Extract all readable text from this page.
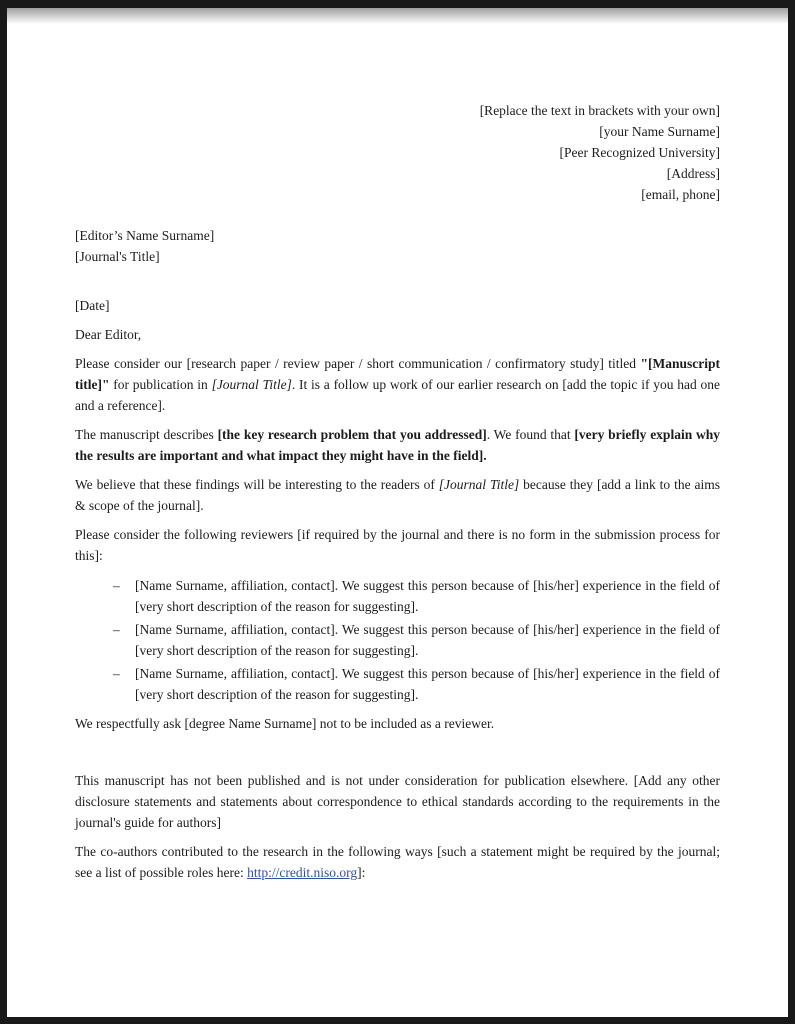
[Replace the text in brackets with your own]
[your Name Surname]
[Peer Recognized University]
[Address]
[email, phone]
[Editor’s Name Surname]
[Journal's Title]

[Date]

Dear Editor,

Please consider our [research paper / review paper / short communication / confirmatory study] titled "[Manuscript title]" for publication in [Journal Title]. It is a follow up work of our earlier research on [add the topic if you had one and a reference].

The manuscript describes [the key research problem that you addressed]. We found that [very briefly explain why the results are important and what impact they might have in the field].

We believe that these findings will be interesting to the readers of [Journal Title] because they [add a link to the aims & scope of the journal].

Please consider the following reviewers [if required by the journal and there is no form in the submission process for this]:

– [Name Surname, affiliation, contact]. We suggest this person because of [his/her] experience in the field of [very short description of the reason for suggesting].
– [Name Surname, affiliation, contact]. We suggest this person because of [his/her] experience in the field of [very short description of the reason for suggesting].
– [Name Surname, affiliation, contact]. We suggest this person because of [his/her] experience in the field of [very short description of the reason for suggesting].

We respectfully ask [degree Name Surname] not to be included as a reviewer.

This manuscript has not been published and is not under consideration for publication elsewhere. [Add any other disclosure statements and statements about correspondence to ethical standards according to the requirements in the journal's guide for authors]

The co-authors contributed to the research in the following ways [such a statement might be required by the journal; see a list of possible roles here: http://credit.niso.org]:
